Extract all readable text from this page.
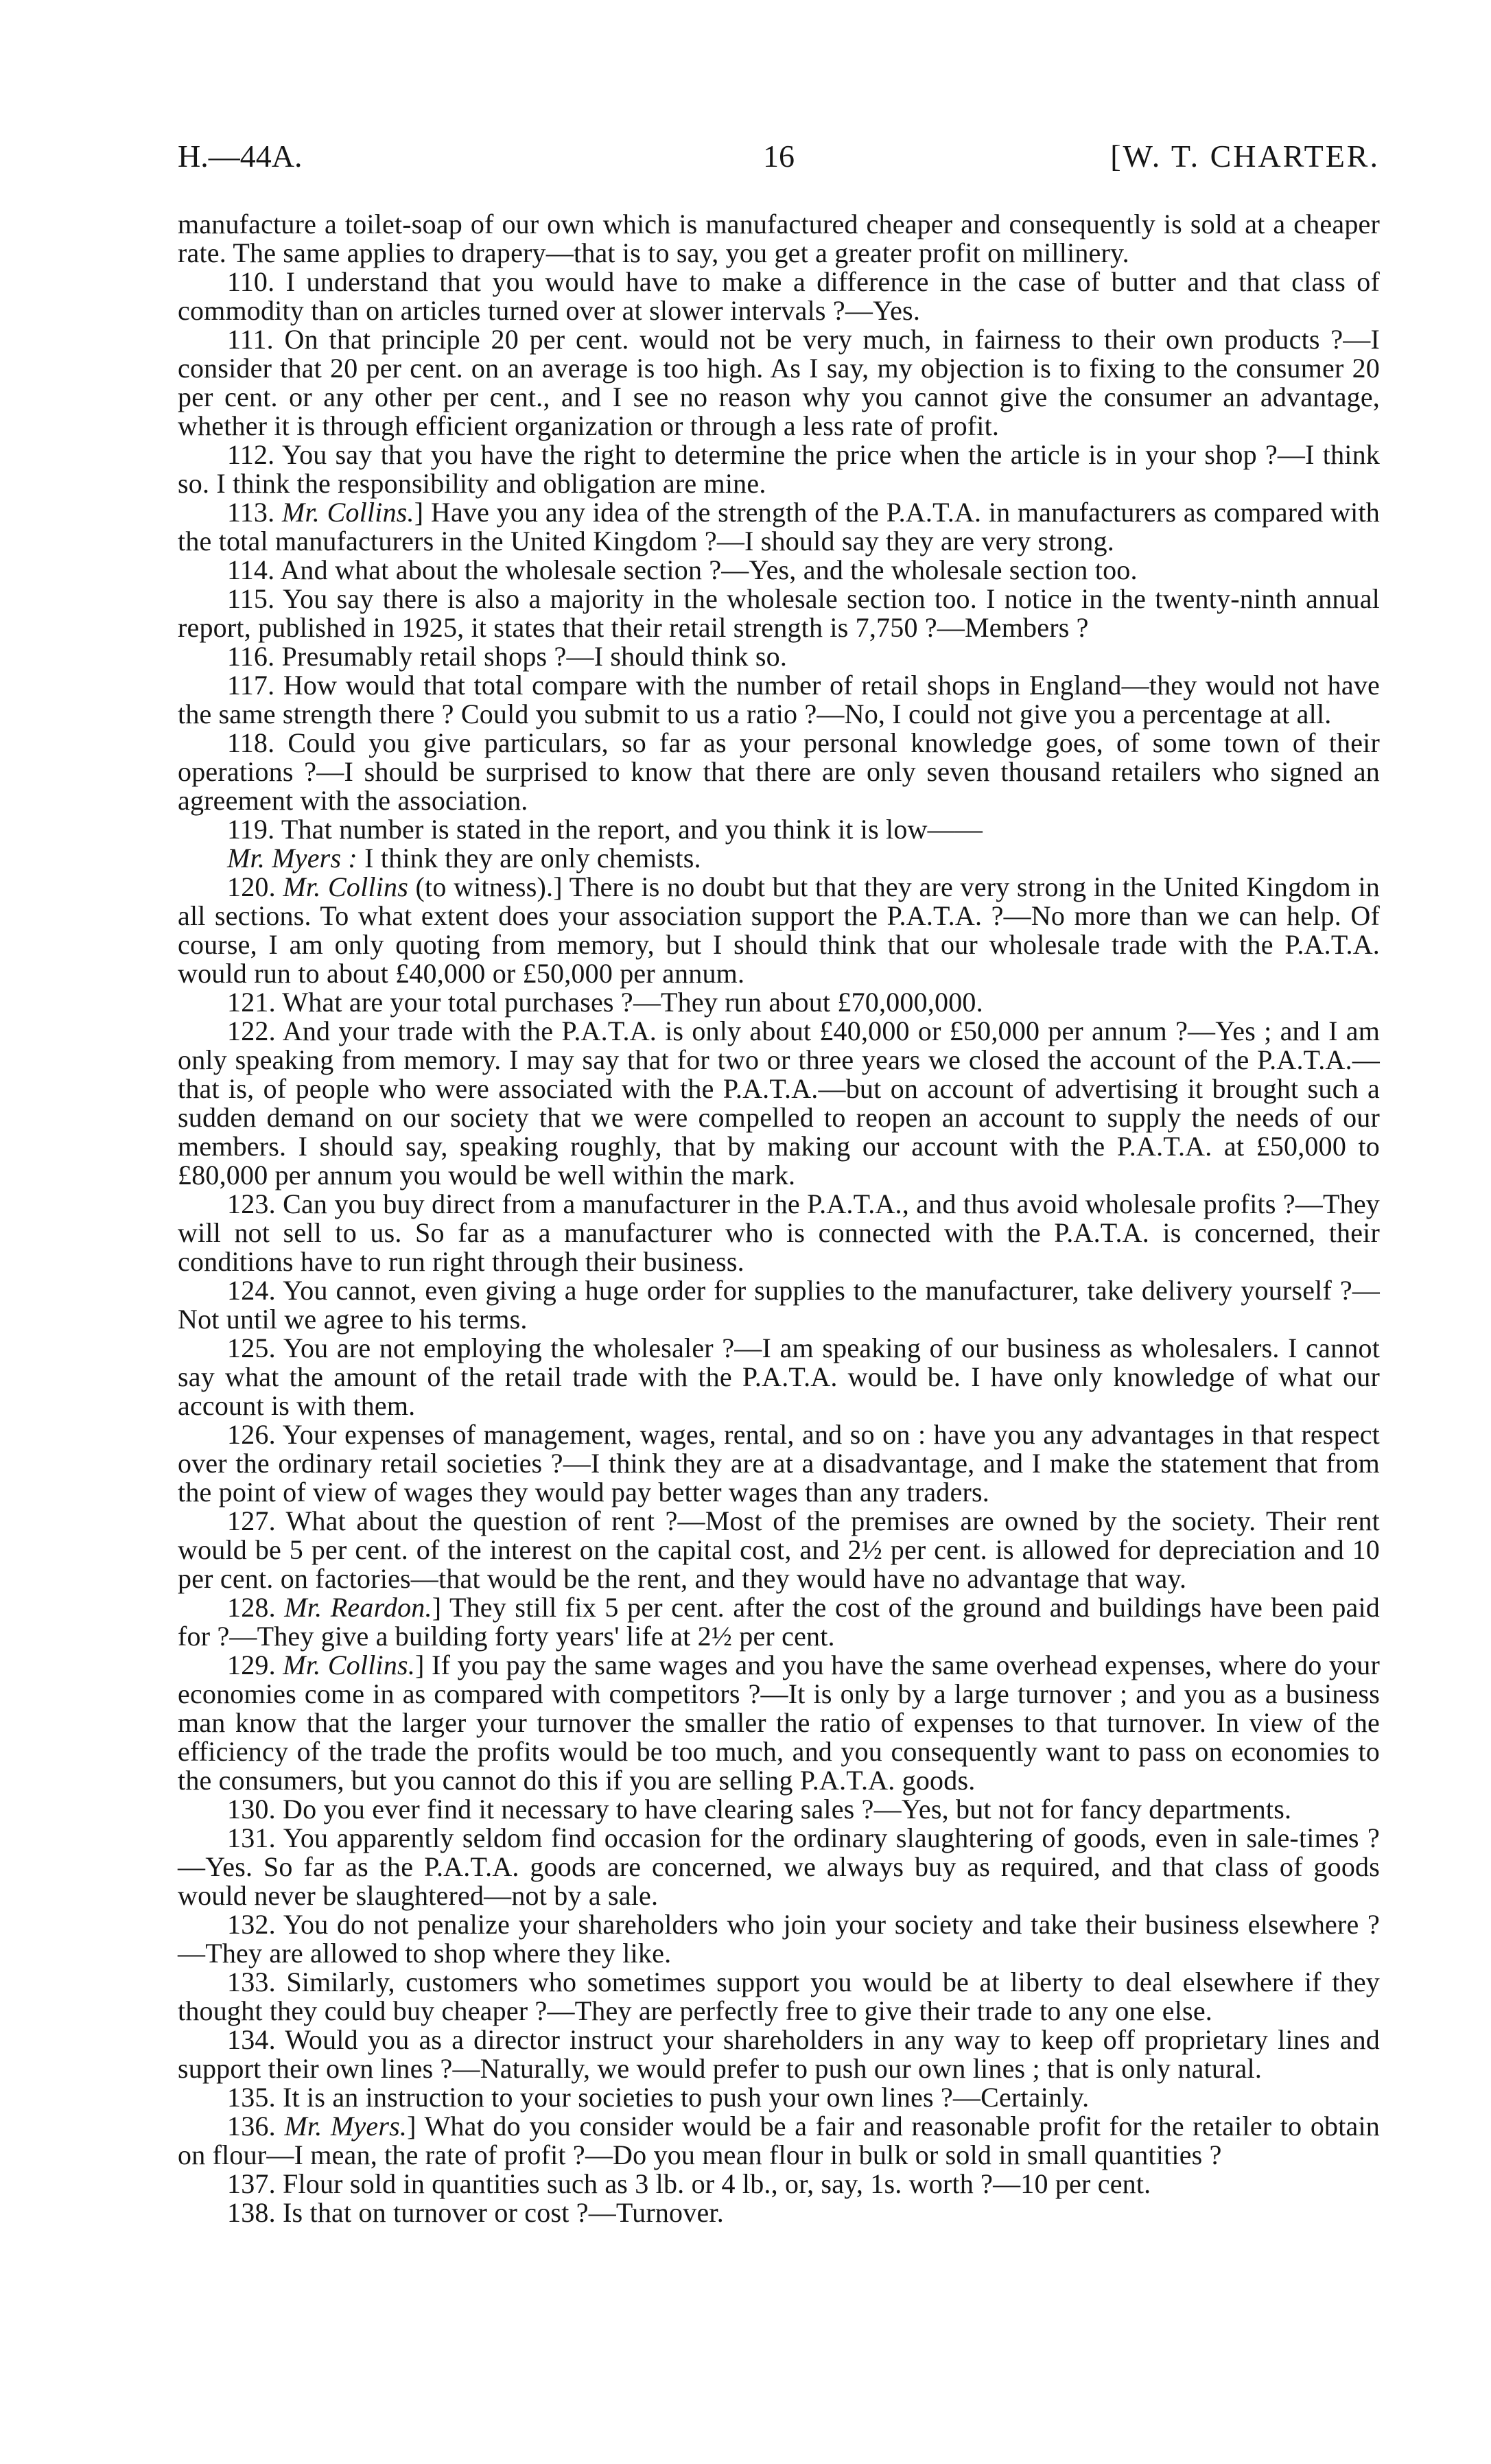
H.—44A.	16	[W. T. CHARTER.

manufacture a toilet-soap of our own which is manufactured cheaper and consequently is sold at a cheaper rate. The same applies to drapery—that is to say, you get a greater profit on millinery.

110. I understand that you would have to make a difference in the case of butter and that class of commodity than on articles turned over at slower intervals ?—Yes.

111. On that principle 20 per cent. would not be very much, in fairness to their own products ?—I consider that 20 per cent. on an average is too high. As I say, my objection is to fixing to the consumer 20 per cent. or any other per cent., and I see no reason why you cannot give the consumer an advantage, whether it is through efficient organization or through a less rate of profit.

112. You say that you have the right to determine the price when the article is in your shop ?—I think so. I think the responsibility and obligation are mine.

113. Mr. Collins.] Have you any idea of the strength of the P.A.T.A. in manufacturers as compared with the total manufacturers in the United Kingdom ?—I should say they are very strong.

114. And what about the wholesale section ?—Yes, and the wholesale section too.

115. You say there is also a majority in the wholesale section too. I notice in the twenty-ninth annual report, published in 1925, it states that their retail strength is 7,750 ?—Members ?

116. Presumably retail shops ?—I should think so.

117. How would that total compare with the number of retail shops in England—they would not have the same strength there ? Could you submit to us a ratio ?—No, I could not give you a percentage at all.

118. Could you give particulars, so far as your personal knowledge goes, of some town of their operations ?—I should be surprised to know that there are only seven thousand retailers who signed an agreement with the association.

119. That number is stated in the report, and you think it is low——

Mr. Myers : I think they are only chemists.

120. Mr. Collins (to witness).] There is no doubt but that they are very strong in the United Kingdom in all sections. To what extent does your association support the P.A.T.A. ?—No more than we can help. Of course, I am only quoting from memory, but I should think that our wholesale trade with the P.A.T.A. would run to about £40,000 or £50,000 per annum.

121. What are your total purchases ?—They run about £70,000,000.

122. And your trade with the P.A.T.A. is only about £40,000 or £50,000 per annum ?—Yes ; and I am only speaking from memory. I may say that for two or three years we closed the account of the P.A.T.A.—that is, of people who were associated with the P.A.T.A.—but on account of advertising it brought such a sudden demand on our society that we were compelled to reopen an account to supply the needs of our members. I should say, speaking roughly, that by making our account with the P.A.T.A. at £50,000 to £80,000 per annum you would be well within the mark.

123. Can you buy direct from a manufacturer in the P.A.T.A., and thus avoid wholesale profits ?—They will not sell to us. So far as a manufacturer who is connected with the P.A.T.A. is concerned, their conditions have to run right through their business.

124. You cannot, even giving a huge order for supplies to the manufacturer, take delivery yourself ?—Not until we agree to his terms.

125. You are not employing the wholesaler ?—I am speaking of our business as wholesalers. I cannot say what the amount of the retail trade with the P.A.T.A. would be. I have only knowledge of what our account is with them.

126. Your expenses of management, wages, rental, and so on : have you any advantages in that respect over the ordinary retail societies ?—I think they are at a disadvantage, and I make the statement that from the point of view of wages they would pay better wages than any traders.

127. What about the question of rent ?—Most of the premises are owned by the society. Their rent would be 5 per cent. of the interest on the capital cost, and 2½ per cent. is allowed for depreciation and 10 per cent. on factories—that would be the rent, and they would have no advantage that way.

128. Mr. Reardon.] They still fix 5 per cent. after the cost of the ground and buildings have been paid for ?—They give a building forty years' life at 2½ per cent.

129. Mr. Collins.] If you pay the same wages and you have the same overhead expenses, where do your economies come in as compared with competitors ?—It is only by a large turnover ; and you as a business man know that the larger your turnover the smaller the ratio of expenses to that turnover. In view of the efficiency of the trade the profits would be too much, and you consequently want to pass on economies to the consumers, but you cannot do this if you are selling P.A.T.A. goods.

130. Do you ever find it necessary to have clearing sales ?—Yes, but not for fancy departments.

131. You apparently seldom find occasion for the ordinary slaughtering of goods, even in sale-times ?—Yes. So far as the P.A.T.A. goods are concerned, we always buy as required, and that class of goods would never be slaughtered—not by a sale.

132. You do not penalize your shareholders who join your society and take their business elsewhere ?—They are allowed to shop where they like.

133. Similarly, customers who sometimes support you would be at liberty to deal elsewhere if they thought they could buy cheaper ?—They are perfectly free to give their trade to any one else.

134. Would you as a director instruct your shareholders in any way to keep off proprietary lines and support their own lines ?—Naturally, we would prefer to push our own lines ; that is only natural.

135. It is an instruction to your societies to push your own lines ?—Certainly.

136. Mr. Myers.] What do you consider would be a fair and reasonable profit for the retailer to obtain on flour—I mean, the rate of profit ?—Do you mean flour in bulk or sold in small quantities ?

137. Flour sold in quantities such as 3 lb. or 4 lb., or, say, 1s. worth ?—10 per cent.

138. Is that on turnover or cost ?—Turnover.
